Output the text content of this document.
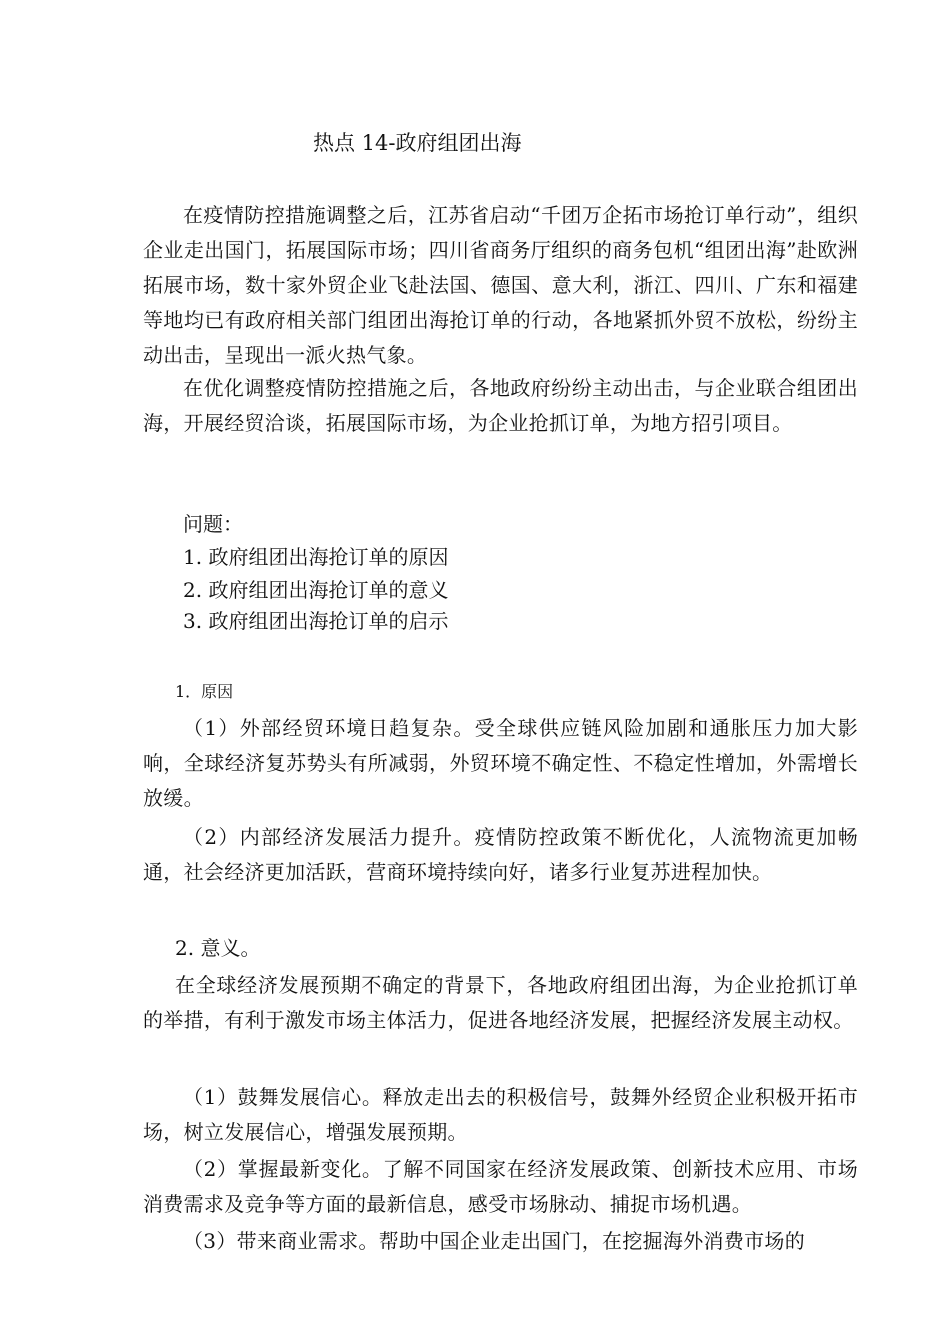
热点 14-政府组团出海
在疫情防控措施调整之后，江苏省启动“千团万企拓市场抢订单行动”，组织企业走出国门，拓展国际市场；四川省商务厅组织的商务包机“组团出海”赴欧洲拓展市场，数十家外贸企业飞赴法国、德国、意大利，浙江、四川、广东和福建等地均已有政府相关部门组团出海抢订单的行动，各地紧抓外贸不放松，纷纷主动出击，呈现出一派火热气象。
在优化调整疫情防控措施之后，各地政府纷纷主动出击，与企业联合组团出海，开展经贸洽谈，拓展国际市场，为企业抢抓订单，为地方招引项目。
问题：
1. 政府组团出海抢订单的原因
2. 政府组团出海抢订单的意义
3. 政府组团出海抢订单的启示
1．原因
（1）外部经贸环境日趋复杂。受全球供应链风险加剧和通胀压力加大影响，全球经济复苏势头有所减弱，外贸环境不确定性、不稳定性增加，外需增长放缓。
（2）内部经济发展活力提升。疫情防控政策不断优化，人流物流更加畅通，社会经济更加活跃，营商环境持续向好，诸多行业复苏进程加快。
2. 意义。
在全球经济发展预期不确定的背景下，各地政府组团出海，为企业抢抓订单的举措，有利于激发市场主体活力，促进各地经济发展，把握经济发展主动权。
（1）鼓舞发展信心。释放走出去的积极信号，鼓舞外经贸企业积极开拓市场，树立发展信心，增强发展预期。
（2）掌握最新变化。了解不同国家在经济发展政策、创新技术应用、市场消费需求及竞争等方面的最新信息，感受市场脉动、捕捉市场机遇。
（3）带来商业需求。帮助中国企业走出国门，在挖掘海外消费市场的
